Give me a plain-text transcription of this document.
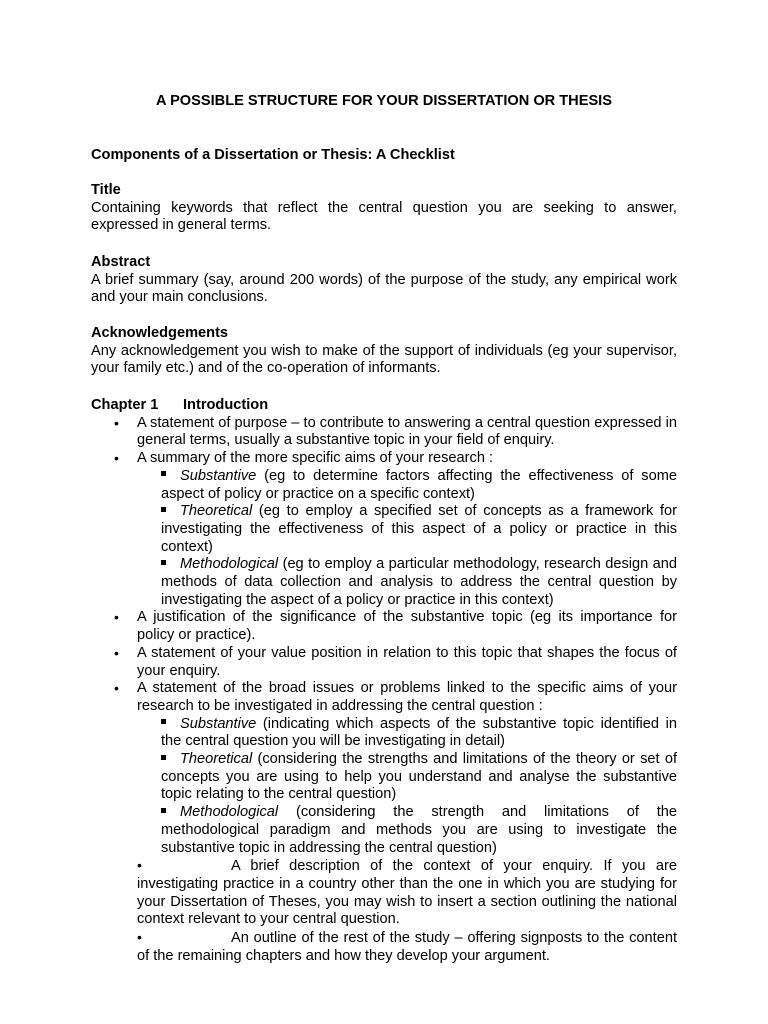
A POSSIBLE STRUCTURE FOR YOUR DISSERTATION OR THESIS

Components of a Dissertation or Thesis: A Checklist

Title

Containing keywords that reflect the central question you are seeking to answer, expressed in general terms.

Abstract

A brief summary (say, around 200 words) of the purpose of the study, any empirical work and your main conclusions.

Acknowledgements

Any acknowledgement you wish to make of the support of individuals (eg your supervisor, your family etc.) and of the co-operation of informants.

Chapter 1 Introduction

• A statement of purpose – to contribute to answering a central question expressed in general terms, usually a substantive topic in your field of enquiry.
• A summary of the more specific aims of your research :
Substantive (eg to determine factors affecting the effectiveness of some aspect of policy or practice on a specific context)
Theoretical (eg to employ a specified set of concepts as a framework for investigating the effectiveness of this aspect of a policy or practice in this context)
Methodological (eg to employ a particular methodology, research design and methods of data collection and analysis to address the central question by investigating the aspect of a policy or practice in this context)
• A justification of the significance of the substantive topic (eg its importance for policy or practice).
• A statement of your value position in relation to this topic that shapes the focus of your enquiry.
• A statement of the broad issues or problems linked to the specific aims of your research to be investigated in addressing the central question :
Substantive (indicating which aspects of the substantive topic identified in the central question you will be investigating in detail)
Theoretical (considering the strengths and limitations of the theory or set of concepts you are using to help you understand and analyse the substantive topic relating to the central question)
Methodological (considering the strength and limitations of the methodological paradigm and methods you are using to investigate the substantive topic in addressing the central question)

•	A brief description of the context of your enquiry. If you are investigating practice in a country other than the one in which you are studying for your Dissertation of Theses, you may wish to insert a section outlining the national context relevant to your central question.

•	An outline of the rest of the study – offering signposts to the content of the remaining chapters and how they develop your argument.
